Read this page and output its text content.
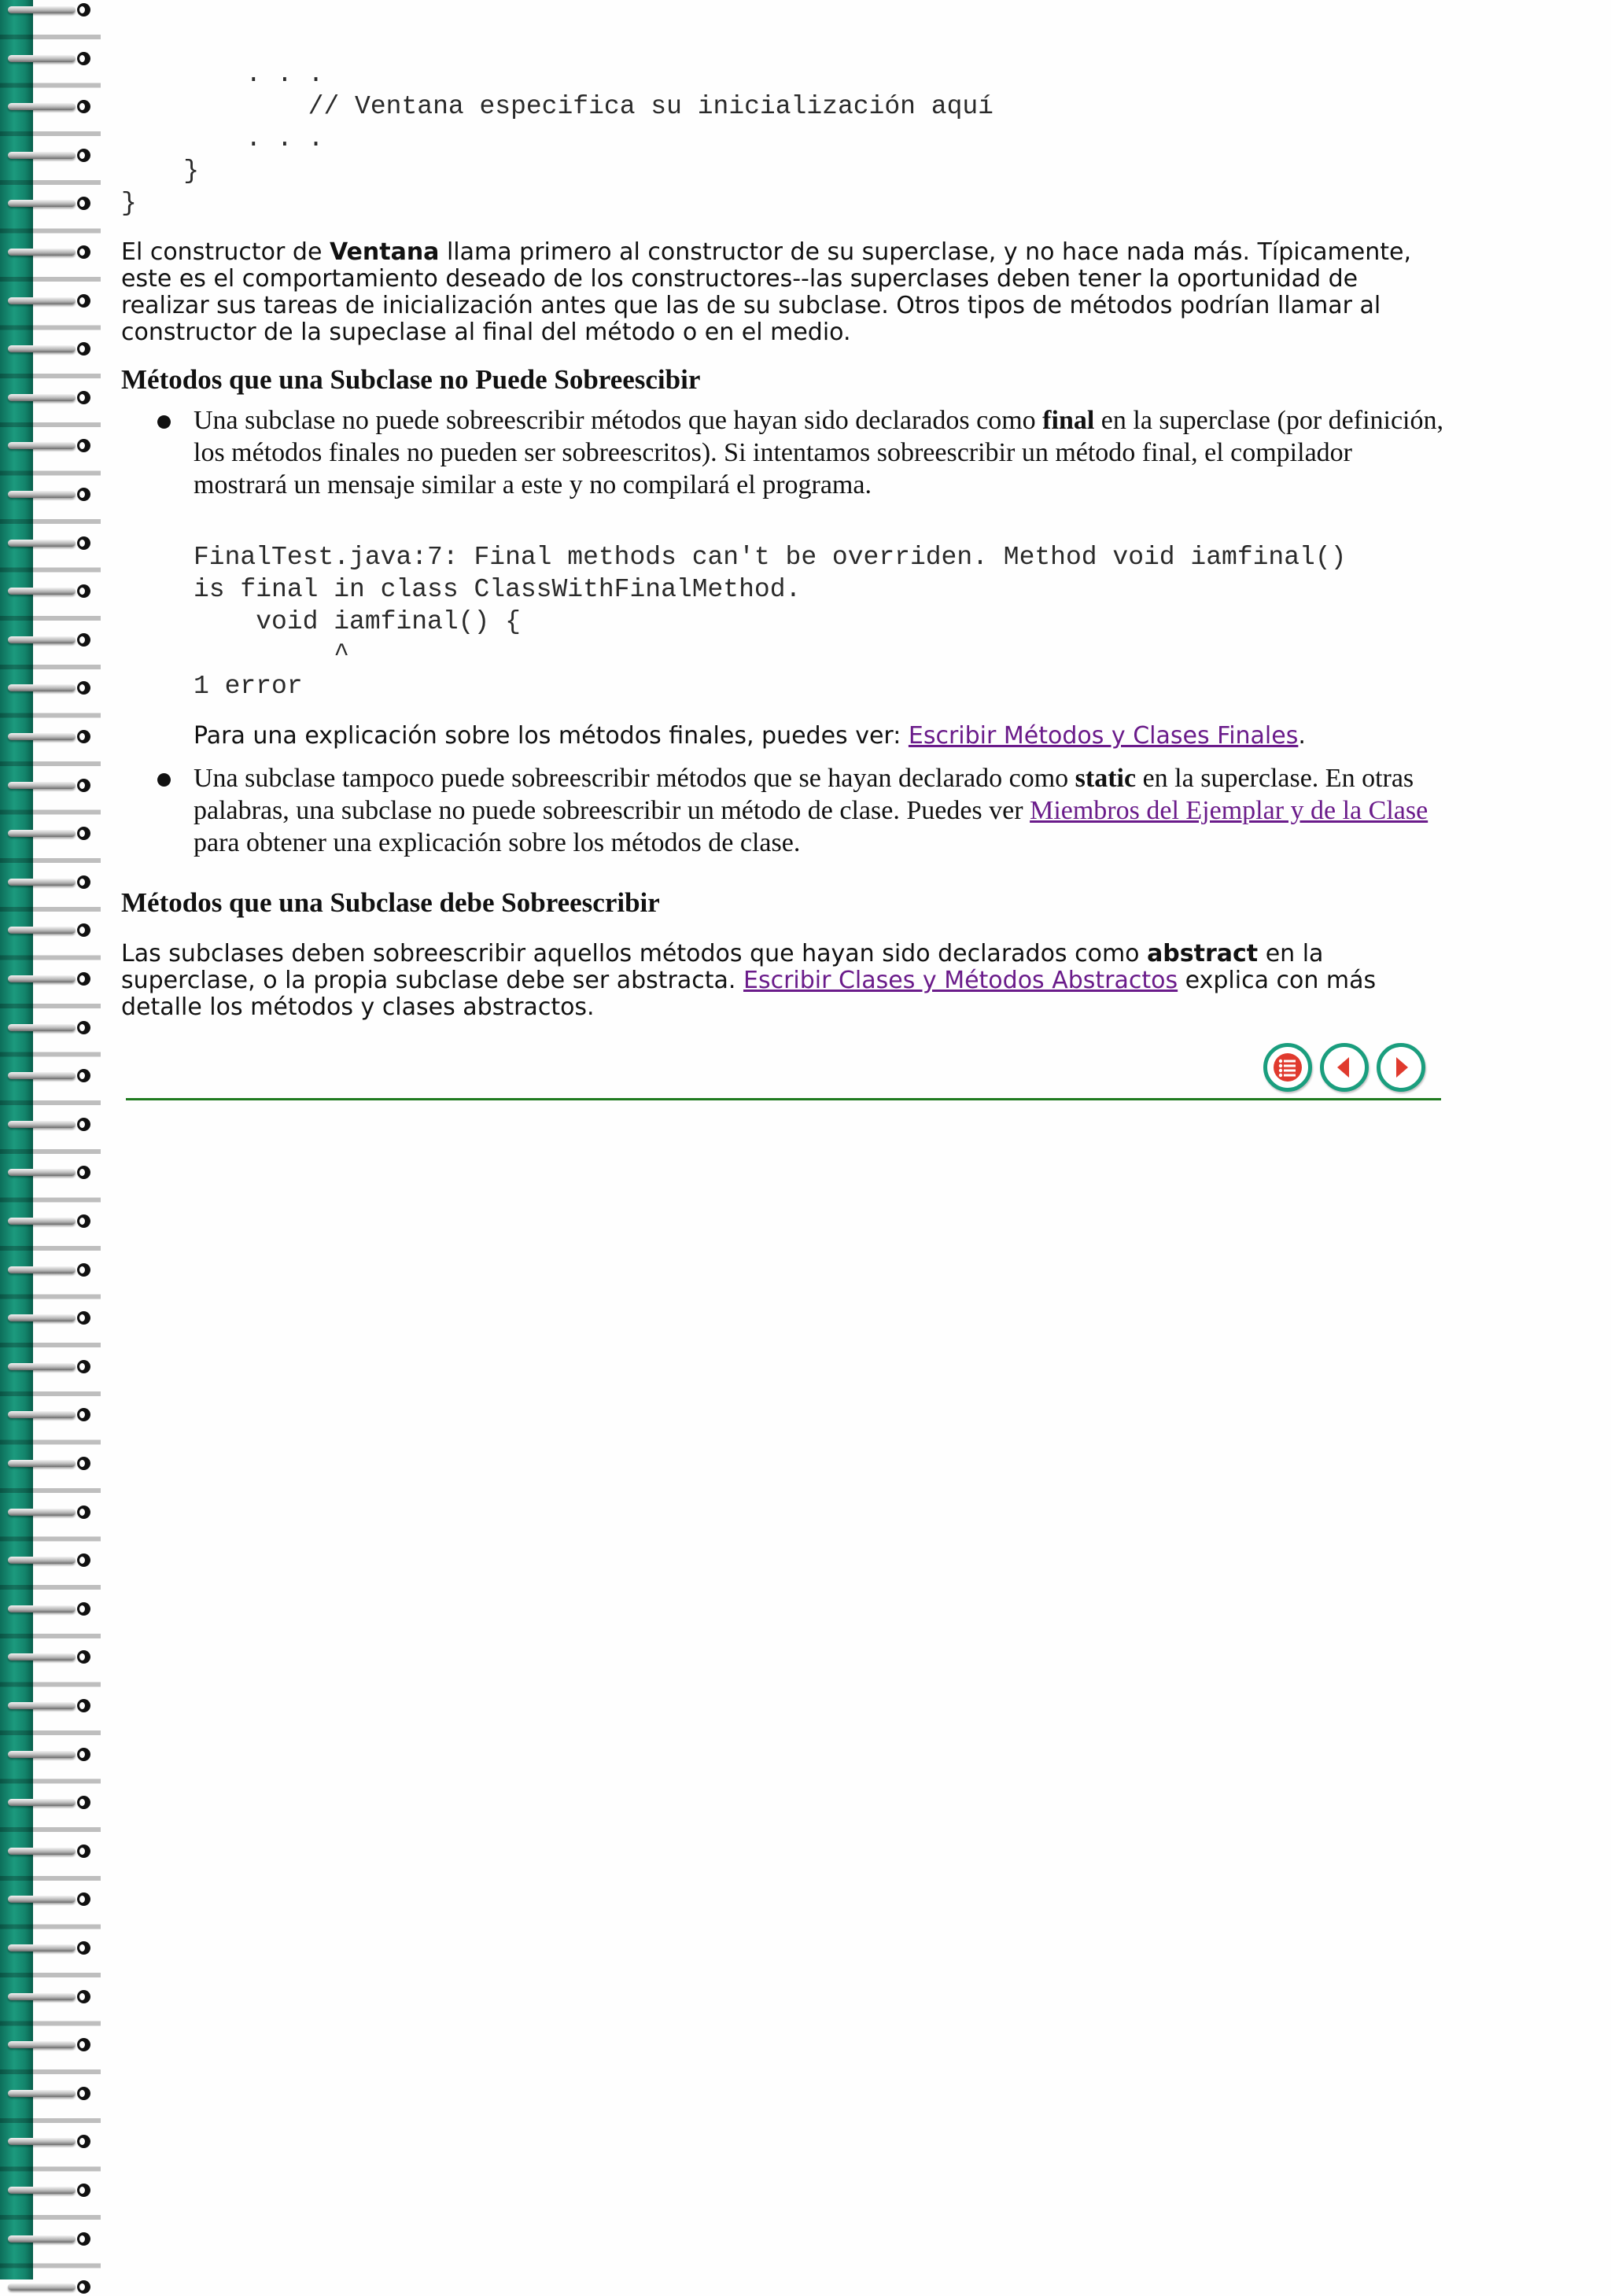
. . .
// Ventana especifica su inicialización aquí
. . .
}
}

El constructor de Ventana llama primero al constructor de su superclase, y no hace nada más. Típicamente, este es el comportamiento deseado de los constructores--las superclases deben tener la oportunidad de realizar sus tareas de inicialización antes que las de su subclase. Otros tipos de métodos podrían llamar al constructor de la supeclase al final del método o en el medio.

Métodos que una Subclase no Puede Sobreescibir
Una subclase no puede sobreescribir métodos que hayan sido declarados como final en la superclase (por definición, los métodos finales no pueden ser sobreescritos). Si intentamos sobreescribir un método final, el compilador mostrará un mensaje similar a este y no compilará el programa.
FinalTest.java:7: Final methods can't be overriden. Method void iamfinal()
is final in class ClassWithFinalMethod.
void iamfinal() {
^
1 error
Para una explicación sobre los métodos finales, puedes ver: Escribir Métodos y Clases Finales.
Una subclase tampoco puede sobreescribir métodos que se hayan declarado como static en la superclase. En otras palabras, una subclase no puede sobreescribir un método de clase. Puedes ver Miembros del Ejemplar y de la Clase para obtener una explicación sobre los métodos de clase.
Métodos que una Subclase debe Sobreescribir

Las subclases deben sobreescribir aquellos métodos que hayan sido declarados como abstract en la superclase, o la propia subclase debe ser abstracta. Escribir Clases y Métodos Abstractos explica con más detalle los métodos y clases abstractos.
